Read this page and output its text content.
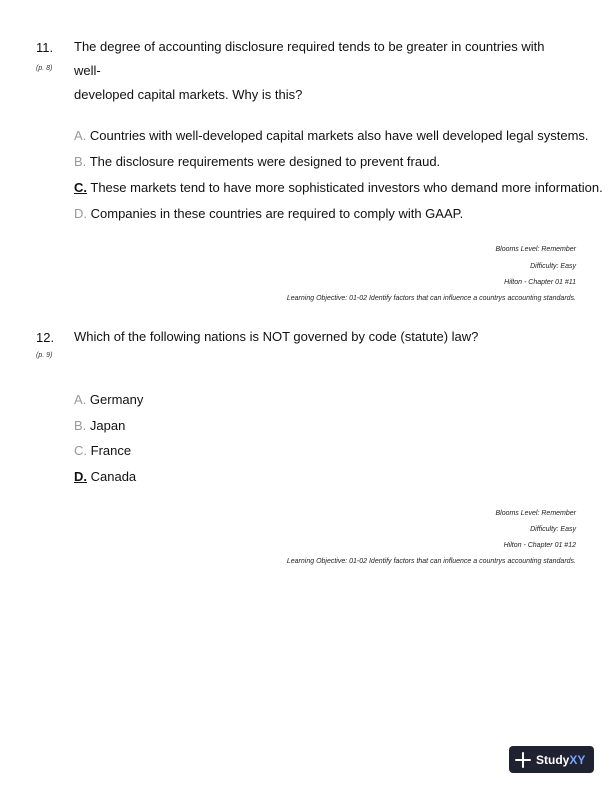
11.
(p. 8)
The degree of accounting disclosure required tends to be greater in countries with well-
developed capital markets. Why is this?
A. Countries with well-developed capital markets also have well developed legal systems.
B. The disclosure requirements were designed to prevent fraud.
C. These markets tend to have more sophisticated investors who demand more information.
D. Companies in these countries are required to comply with GAAP.
Blooms Level: Remember
Difficulty: Easy
Hilton - Chapter 01 #11
Learning Objective: 01-02 Identify factors that can influence a countrys accounting standards.
12.
(p. 9)
Which of the following nations is NOT governed by code (statute) law?
A. Germany
B. Japan
C. France
D. Canada
Blooms Level: Remember
Difficulty: Easy
Hilton - Chapter 01 #12
Learning Objective: 01-02 Identify factors that can influence a countrys accounting standards.
StudyXY
